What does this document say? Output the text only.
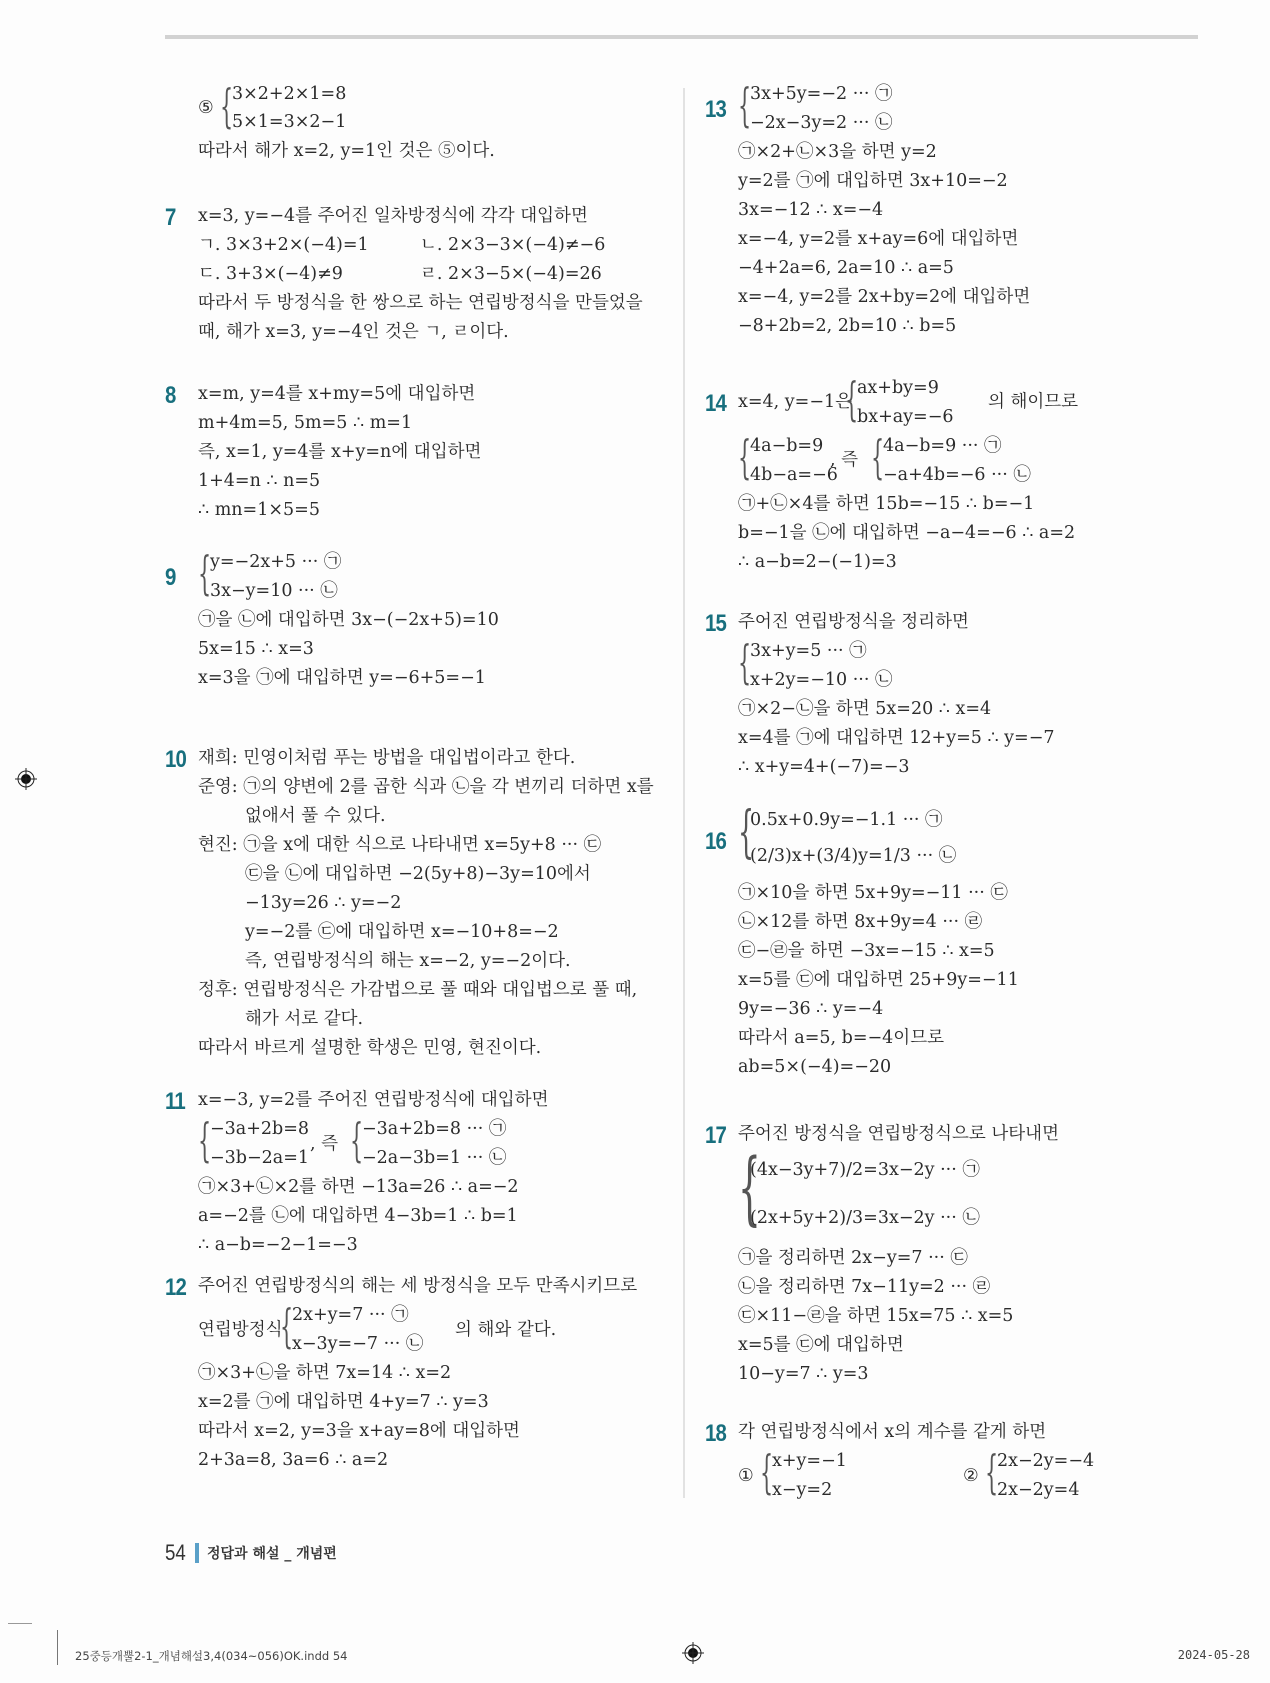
⑤ {
3×2+2×1=8
5×1=3×2−1
따라서 해가 x=2, y=1인 것은 ⑤이다.
7 x=3, y=−4를 주어진 일차방정식에 각각 대입하면
ㄱ. 3×3+2×(−4)=1	ㄴ. 2×3−3×(−4)≠−6
ㄷ. 3+3×(−4)≠9	ㄹ. 2×3−5×(−4)=26
따라서 두 방정식을 한 쌍으로 하는 연립방정식을 만들었을
때, 해가 x=3, y=−4인 것은 ㄱ, ㄹ이다.
8 x=m, y=4를 x+my=5에 대입하면
m+4m=5, 5m=5 ∴ m=1
즉, x=1, y=4를 x+y=n에 대입하면
1+4=n ∴ n=5
∴ mn=1×5=5
9 {
y=−2x+5 ··· ㉠
3x−y=10 ··· ㉡
㉠을 ㉡에 대입하면 3x−(−2x+5)=10
5x=15 ∴ x=3
x=3을 ㉠에 대입하면 y=−6+5=−1
10 재희: 민영이처럼 푸는 방법을 대입법이라고 한다.
준영: ㉠의 양변에 2를 곱한 식과 ㉡을 각 변끼리 더하면 x를
없애서 풀 수 있다.
현진: ㉠을 x에 대한 식으로 나타내면 x=5y+8 ··· ㉢
㉢을 ㉡에 대입하면 −2(5y+8)−3y=10에서
−13y=26 ∴ y=−2
y=−2를 ㉢에 대입하면 x=−10+8=−2
즉, 연립방정식의 해는 x=−2, y=−2이다.
정후: 연립방정식은 가감법으로 풀 때와 대입법으로 풀 때,
해가 서로 같다.
따라서 바르게 설명한 학생은 민영, 현진이다.
11 x=−3, y=2를 주어진 연립방정식에 대입하면
{
−3a+2b=8
−3b−2a=1
, 즉 {
−3a+2b=8 ··· ㉠
−2a−3b=1 ··· ㉡
㉠×3+㉡×2를 하면 −13a=26 ∴ a=−2
a=−2를 ㉡에 대입하면 4−3b=1 ∴ b=1
∴ a−b=−2−1=−3
12 주어진 연립방정식의 해는 세 방정식을 모두 만족시키므로
연립방정식
{
2x+y=7 ··· ㉠
x−3y=−7 ··· ㉡
의 해와 같다.
㉠×3+㉡을 하면 7x=14 ∴ x=2
x=2를 ㉠에 대입하면 4+y=7 ∴ y=3
따라서 x=2, y=3을 x+ay=8에 대입하면
2+3a=8, 3a=6 ∴ a=2
13 {
3x+5y=−2 ··· ㉠
−2x−3y=2 ··· ㉡
㉠×2+㉡×3을 하면 y=2
y=2를 ㉠에 대입하면 3x+10=−2
3x=−12 ∴ x=−4
x=−4, y=2를 x+ay=6에 대입하면
−4+2a=6, 2a=10 ∴ a=5
x=−4, y=2를 2x+by=2에 대입하면
−8+2b=2, 2b=10 ∴ b=5
14 x=4, y=−1은
{
ax+by=9
bx+ay=−6
의 해이므로
{
4a−b=9
4b−a=−6
, 즉 {
4a−b=9 ··· ㉠
−a+4b=−6 ··· ㉡
㉠+㉡×4를 하면 15b=−15 ∴ b=−1
b=−1을 ㉡에 대입하면 −a−4=−6 ∴ a=2
∴ a−b=2−(−1)=3
15 주어진 연립방정식을 정리하면
{
3x+y=5 ··· ㉠
x+2y=−10 ··· ㉡
㉠×2−㉡을 하면 5x=20 ∴ x=4
x=4를 ㉠에 대입하면 12+y=5 ∴ y=−7
∴ x+y=4+(−7)=−3
16 {
0.5x+0.9y=−1.1 ··· ㉠
(2/3)x+(3/4)y=1/3 ··· ㉡
㉠×10을 하면 5x+9y=−11 ··· ㉢
㉡×12를 하면 8x+9y=4 ··· ㉣
㉢−㉣을 하면 −3x=−15 ∴ x=5
x=5를 ㉢에 대입하면 25+9y=−11
9y=−36 ∴ y=−4
따라서 a=5, b=−4이므로
ab=5×(−4)=−20
17 주어진 방정식을 연립방정식으로 나타내면
{
(4x−3y+7)/2=3x−2y ··· ㉠
(2x+5y+2)/3=3x−2y ··· ㉡
㉠을 정리하면 2x−y=7 ··· ㉢
㉡을 정리하면 7x−11y=2 ··· ㉣
㉢×11−㉣을 하면 15x=75 ∴ x=5
x=5를 ㉢에 대입하면
10−y=7 ∴ y=3
18 각 연립방정식에서 x의 계수를 같게 하면
① {
x+y=−1
x−y=2
② {
2x−2y=−4
2x−2y=4
54 정답과 해설 _ 개념편
25중등개뿔2-1_개념해설3,4(034~056)OK.indd 54	2024-05-28
